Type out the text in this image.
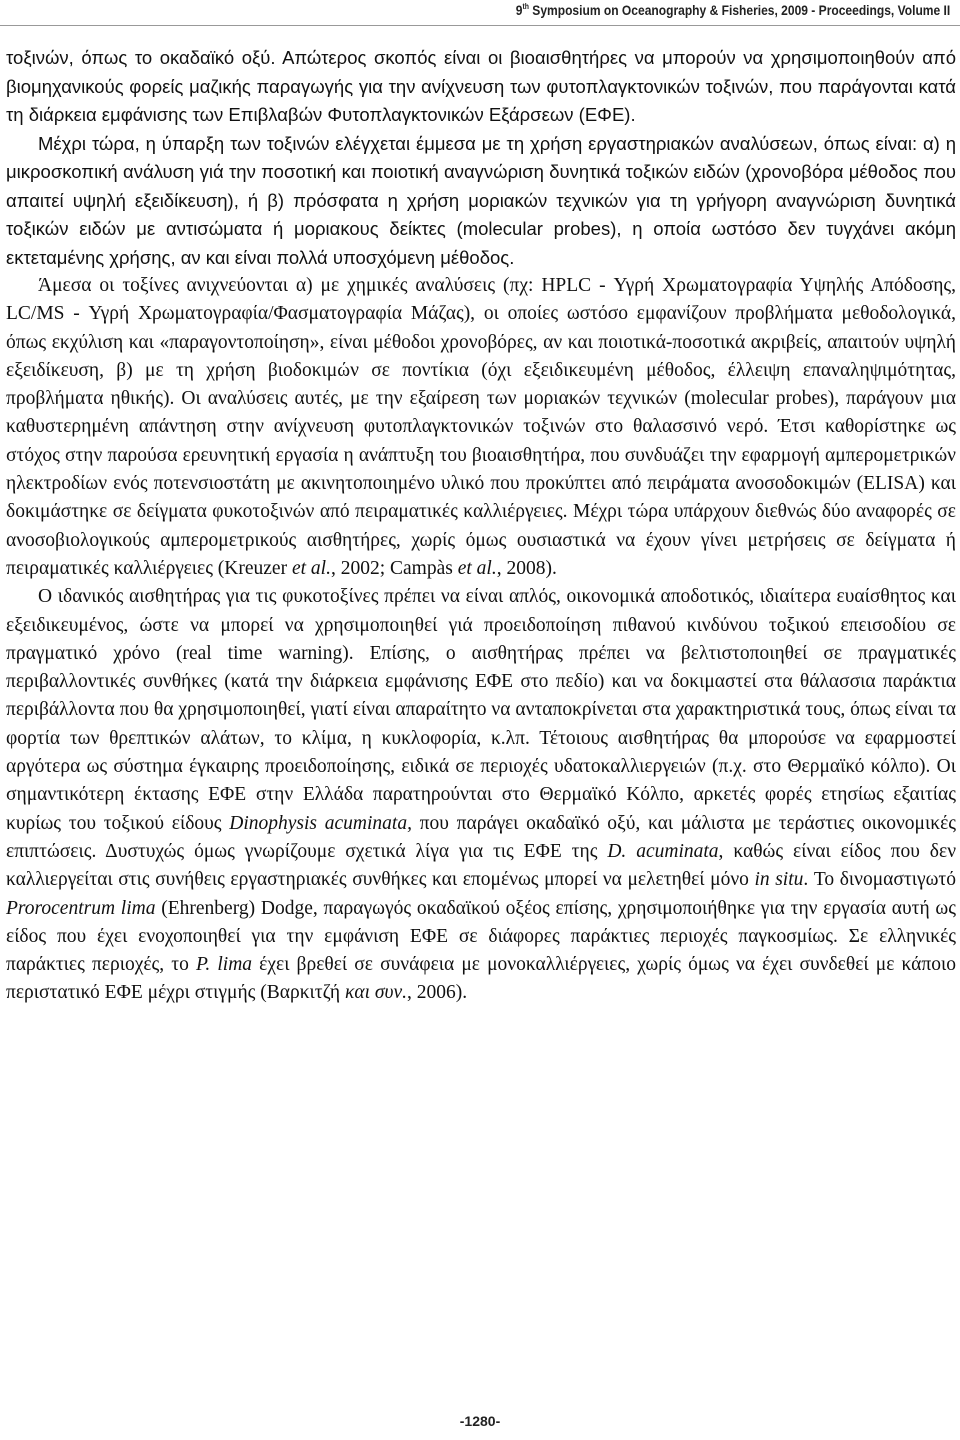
9th Symposium on Oceanography & Fisheries, 2009 - Proceedings, Volume II

τοξινών, όπως το οκαδαϊκό οξύ. Απώτερος σκοπός είναι οι βιοαισθητήρες να μπορούν να χρησιμοποιηθούν από βιομηχανικούς φορείς μαζικής παραγωγής για την ανίχνευση των φυτοπλαγκτονικών τοξινών, που παράγονται κατά τη διάρκεια εμφάνισης των Επιβλαβών Φυτοπλαγκτονικών Εξάρσεων (ΕΦΕ).

Μέχρι τώρα, η ύπαρξη των τοξινών ελέγχεται έμμεσα με τη χρήση εργαστηριακών αναλύσεων, όπως είναι: α) η μικροσκοπική ανάλυση γιά την ποσοτική και ποιοτική αναγνώριση δυνητικά τοξικών ειδών (χρονοβόρα μέθοδος που απαιτεί υψηλή εξειδίκευση), ή β) πρόσφατα η χρήση μοριακών τεχνικών για τη γρήγορη αναγνώριση δυνητικά τοξικών ειδών με αντισώματα ή μοριακους δείκτες (molecular probes), η οποία ωστόσο δεν τυγχάνει ακόμη εκτεταμένης χρήσης, αν και είναι πολλά υποσχόμενη μέθοδος.

Άμεσα οι τοξίνες ανιχνεύονται α) με χημικές αναλύσεις (πχ: HPLC - Υγρή Χρωματογραφία Υψηλής Απόδοσης, LC/MS - Υγρή Χρωματογραφία/Φασματογραφία Μάζας), οι οποίες ωστόσο εμφανίζουν προβλήματα μεθοδολογικά, όπως εκχύλιση και «παραγοντοποίηση», είναι μέθοδοι χρονοβόρες, αν και ποιοτικά-ποσοτικά ακριβείς, απαιτούν υψηλή εξειδίκευση, β) με τη χρήση βιοδοκιμών σε ποντίκια (όχι εξειδικευμένη μέθοδος, έλλειψη επαναληψιμότητας, προβλήματα ηθικής). Οι αναλύσεις αυτές, με την εξαίρεση των μοριακών τεχνικών (molecular probes), παράγουν μια καθυστερημένη απάντηση στην ανίχνευση φυτοπλαγκτονικών τοξινών στο θαλασσινό νερό. Έτσι καθορίστηκε ως στόχος στην παρούσα ερευνητική εργασία η ανάπτυξη του βιοαισθητήρα, που συνδυάζει την εφαρμογή αμπερομετρικών ηλεκτροδίων ενός ποτενσιοστάτη με ακινητοποιημένο υλικό που προκύπτει από πειράματα ανοσοδοκιμών (ELISA) και δοκιμάστηκε σε δείγματα φυκοτοξινών από πειραματικές καλλιέργειες. Μέχρι τώρα υπάρχουν διεθνώς δύο αναφορές σε ανοσοβιολογικούς αμπερομετρικούς αισθητήρες, χωρίς όμως ουσιαστικά να έχουν γίνει μετρήσεις σε δείγματα ή πειραματικές καλλιέργειες (Kreuzer et al., 2002; Campàs et al., 2008).

Ο ιδανικός αισθητήρας για τις φυκοτοξίνες πρέπει να είναι απλός, οικονομικά αποδοτικός, ιδιαίτερα ευαίσθητος και εξειδικευμένος, ώστε να μπορεί να χρησιμοποιηθεί γιά προειδοποίηση πιθανού κινδύνου τοξικού επεισοδίου σε πραγματικό χρόνο (real time warning). Επίσης, ο αισθητήρας πρέπει να βελτιστοποιηθεί σε πραγματικές περιβαλλοντικές συνθήκες (κατά την διάρκεια εμφάνισης ΕΦΕ στο πεδίο) και να δοκιμαστεί στα θάλασσια παράκτια περιβάλλοντα που θα χρησιμοποιηθεί, γιατί είναι απαραίτητο να ανταποκρίνεται στα χαρακτηριστικά τους, όπως είναι τα φορτία των θρεπτικών αλάτων, το κλίμα, η κυκλοφορία, κ.λπ. Τέτοιους αισθητήρας θα μπορούσε να εφαρμοστεί αργότερα ως σύστημα έγκαιρης προειδοποίησης, ειδικά σε περιοχές υδατοκαλλιεργειών (π.χ. στο Θερμαϊκό κόλπο). Οι σημαντικότερη έκτασης ΕΦΕ στην Ελλάδα παρατηρούνται στο Θερμαϊκό Κόλπο, αρκετές φορές ετησίως εξαιτίας κυρίως του τοξικού είδους Dinophysis acuminata, που παράγει οκαδαϊκό οξύ, και μάλιστα με τεράστιες οικονομικές επιπτώσεις. Δυστυχώς όμως γνωρίζουμε σχετικά λίγα για τις ΕΦΕ της D. acuminata, καθώς είναι είδος που δεν καλλιεργείται στις συνήθεις εργαστηριακές συνθήκες και επομένως μπορεί να μελετηθεί μόνο in situ. Το δινομαστιγωτό Prorocentrum lima (Ehrenberg) Dodge, παραγωγός οκαδαϊκού οξέος επίσης, χρησιμοποιήθηκε για την εργασία αυτή ως είδος που έχει ενοχοποιηθεί για την εμφάνιση ΕΦΕ σε διάφορες παράκτιες περιοχές παγκοσμίως. Σε ελληνικές παράκτιες περιοχές, το P. lima έχει βρεθεί σε συνάφεια με μονοκαλλιέργειες, χωρίς όμως να έχει συνδεθεί με κάποιο περιστατικό ΕΦΕ μέχρι στιγμής (Βαρκιτζή και συν., 2006).

-1280-
